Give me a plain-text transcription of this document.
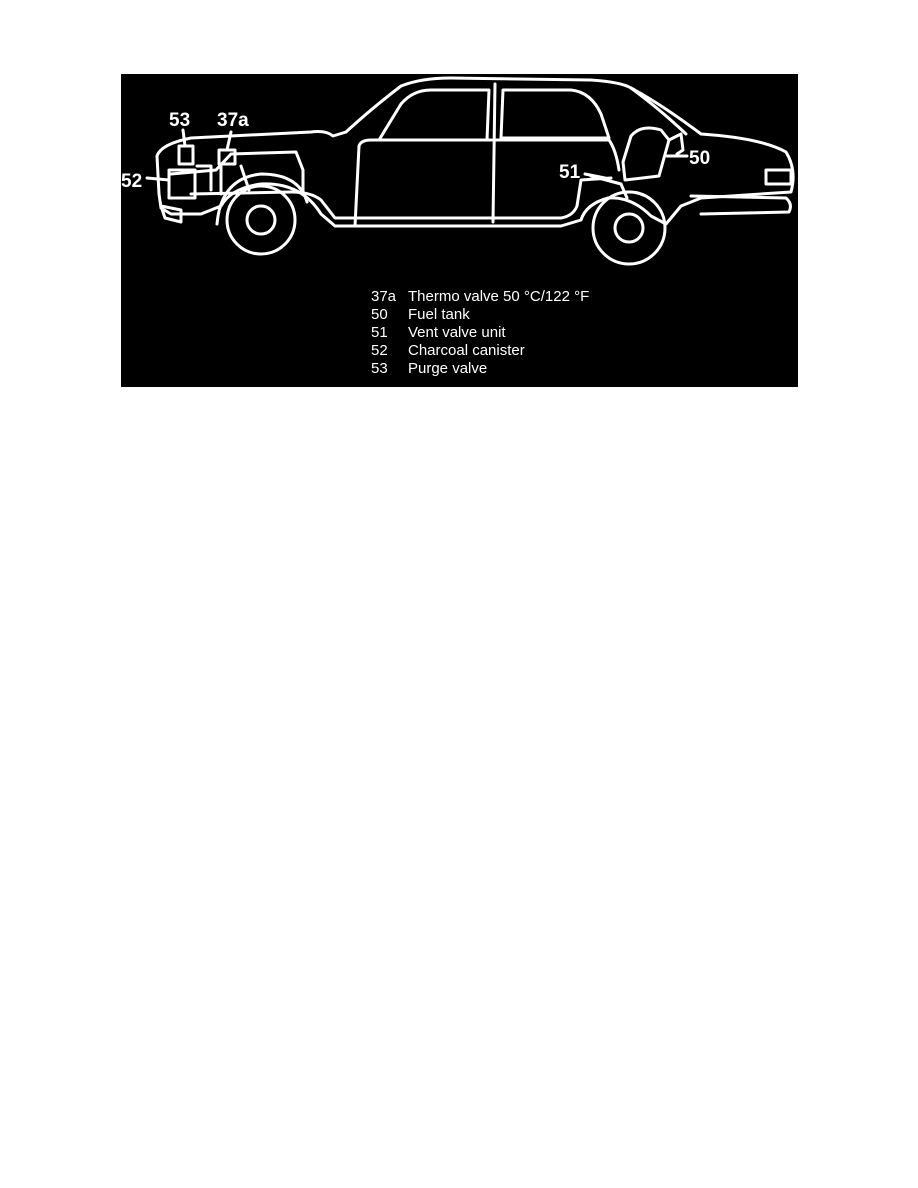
53 37a
52	51
50
37a Thermo valve 50 °C/122 °F
50	Fuel tank
51	Vent valve unit
52	Charcoal canister
53	Purge valve
